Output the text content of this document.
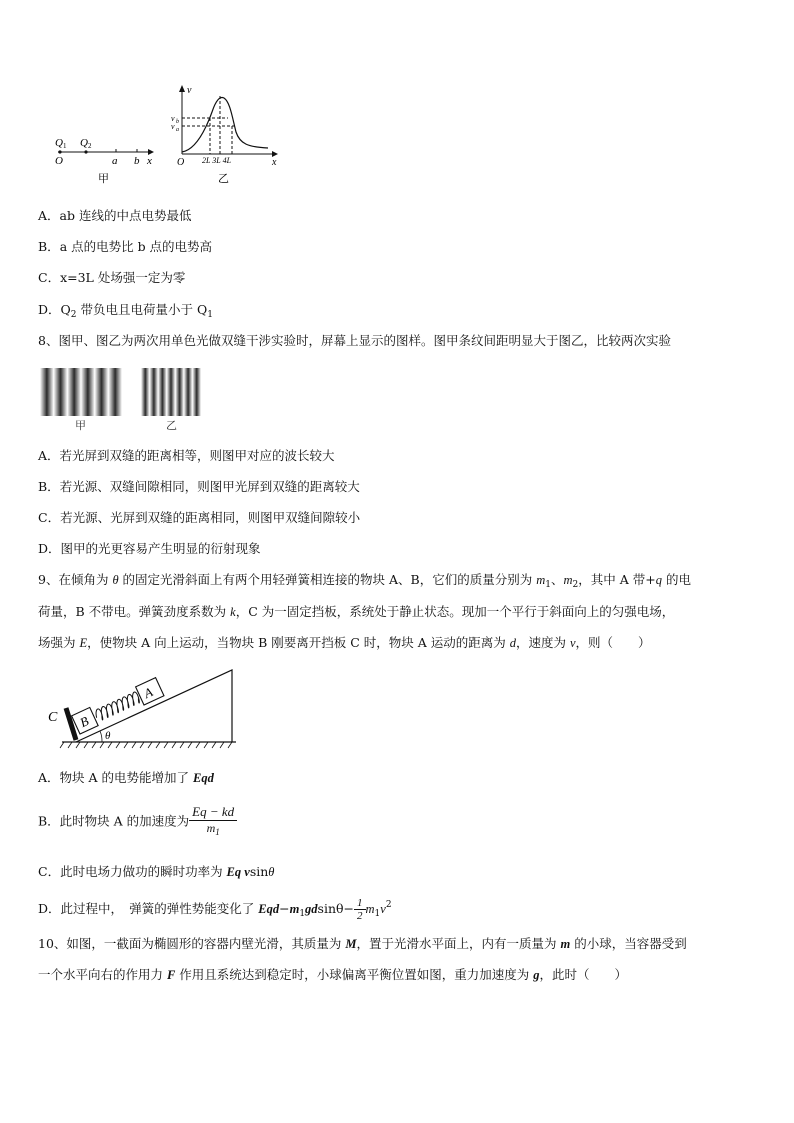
Q 1 Q 2
O	a b x
甲
v
v b
v a
O 2L 3L 4L	x
乙
A．ab 连线的中点电势最低
B．a 点的电势比 b 点的电势高
C．x=3L 处场强一定为零
D．$Q_2$ 带负电且电荷量小于 $Q_1$
8、图甲、图乙为两次用单色光做双缝干涉实验时，屏幕上显示的图样。图甲条纹间距明显大于图乙，比较两次实验
甲	乙
A．若光屏到双缝的距离相等，则图甲对应的波长较大
B．若光源、双缝间隙相同，则图甲光屏到双缝的距离较大
C．若光源、光屏到双缝的距离相同，则图甲双缝间隙较小
D．图甲的光更容易产生明显的衍射现象
9、在倾角为 θ 的固定光滑斜面上有两个用轻弹簧相连接的物块 A、B，它们的质量分别为 $m_1$、$m_2$，其中 A 带+q 的电
荷量，B 不带电。弹簧劲度系数为 k，C 为一固定挡板，系统处于静止状态。现加一个平行于斜面向上的匀强电场，
场强为 E，使物块 A 向上运动，当物块 B 刚要离开挡板 C 时，物块 A 运动的距离为 d，速度为 v，则（　　）
B
A
θ
C
A．物块 A 的电势能增加了 Eqd
B．此时物块 A 的加速度为 $\frac{Eq - kd}{m_1}$
C．此时电场力做功的瞬时功率为 Eq vsinθ
D．此过程中，　弹簧的弹性势能变化了 $Eqd-m_1gdsin\theta- \frac{1}{2} m_1v^2$
10、如图，一截面为椭圆形的容器内壁光滑，其质量为 M，置于光滑水平面上，内有一质量为 m 的小球，当容器受到
一个水平向右的作用力 F 作用且系统达到稳定时，小球偏离平衡位置如图，重力加速度为 g，此时（　　）
